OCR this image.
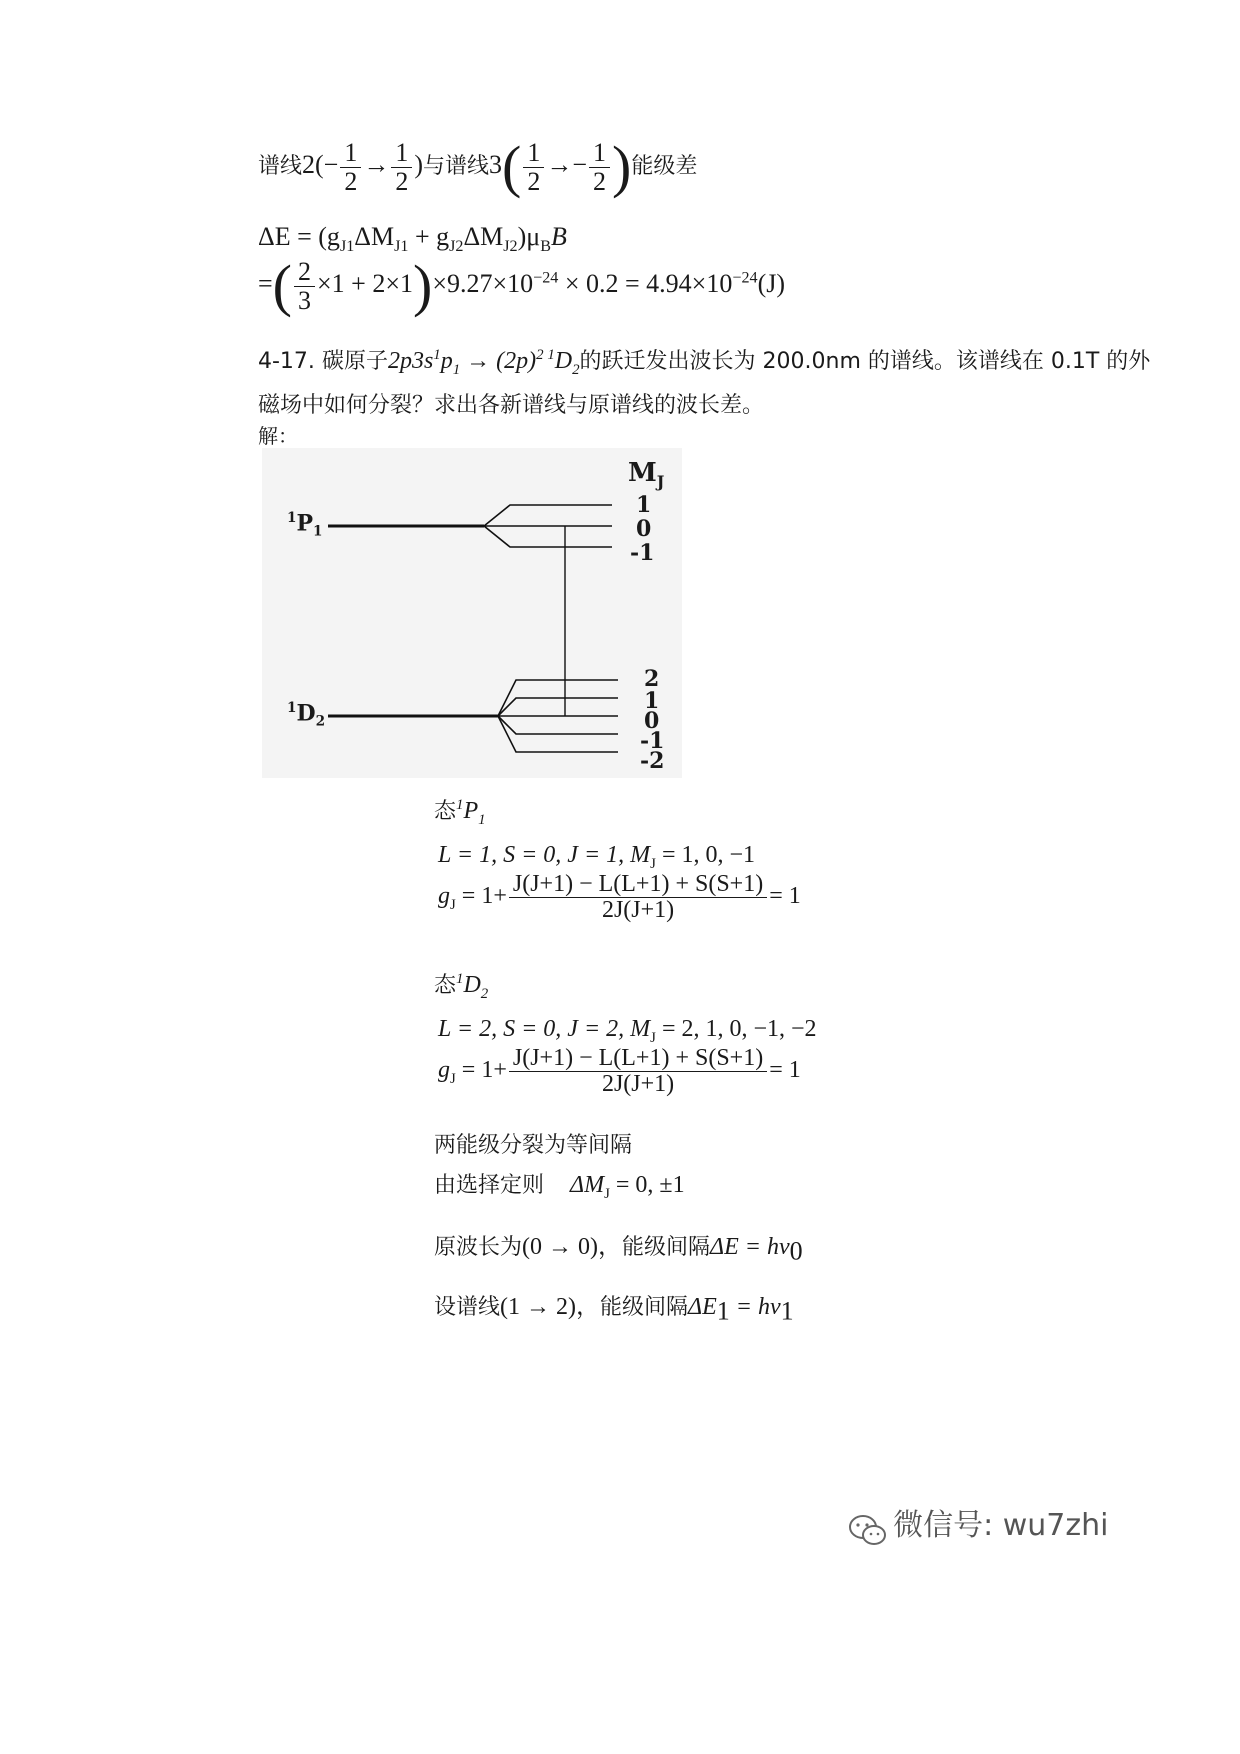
谱线$2(- \frac{1}{2} \to \frac{1}{2}$ )与谱线$3( \frac{1}{2} \to- \frac{1}{2}$ )能级差
$\Delta E = (g_{J1}\Delta M_{J1} + g_{J2}\Delta M_{J2})\mu_BB$
=( $\frac{2}{3} \times 1 + 2\times 1)\times 9.27\times 10^{-24} \times 0.2 = 4.94\times 10^{-24}(J)$
4-17. 碳原子$2p3s^1p_1 \to (2p)^{2 1}D_2$的跃迁发出波长为 200.0nm 的谱线。该谱线在 0.1T 的外
磁场中如何分裂？求出各新谱线与原谱线的波长差。
解：
$M_J$
$^1P_1$
$^1D_2$
1
0
-1
2
1
0
-1
-2
态$^1P_1$
L = 1, S = 0, J = 1, $M_J = 1$, 0, −1
$g_J = 1+ \frac{J(J+1) - L(L+1) + S(S+1)}{2J(J+1)} = 1$
态$^1D_2$
L = 2, S = 0, J = 2, $M_J = 2$, 1, 0, −1, −2
$g_J = 1+ \frac{J(J+1) - L(L+1) + S(S+1)}{2J(J+1)} = 1$
两能级分裂为等间隔
由选择定则 $\Delta M_J = 0$, ±1
原波长为(0 → 0)，能级间隔$\Delta E = h\nu_0$
设谱线(1 → 2)，能级间隔$\Delta E_1 = h\nu_1$
微信号: wu7zhi
